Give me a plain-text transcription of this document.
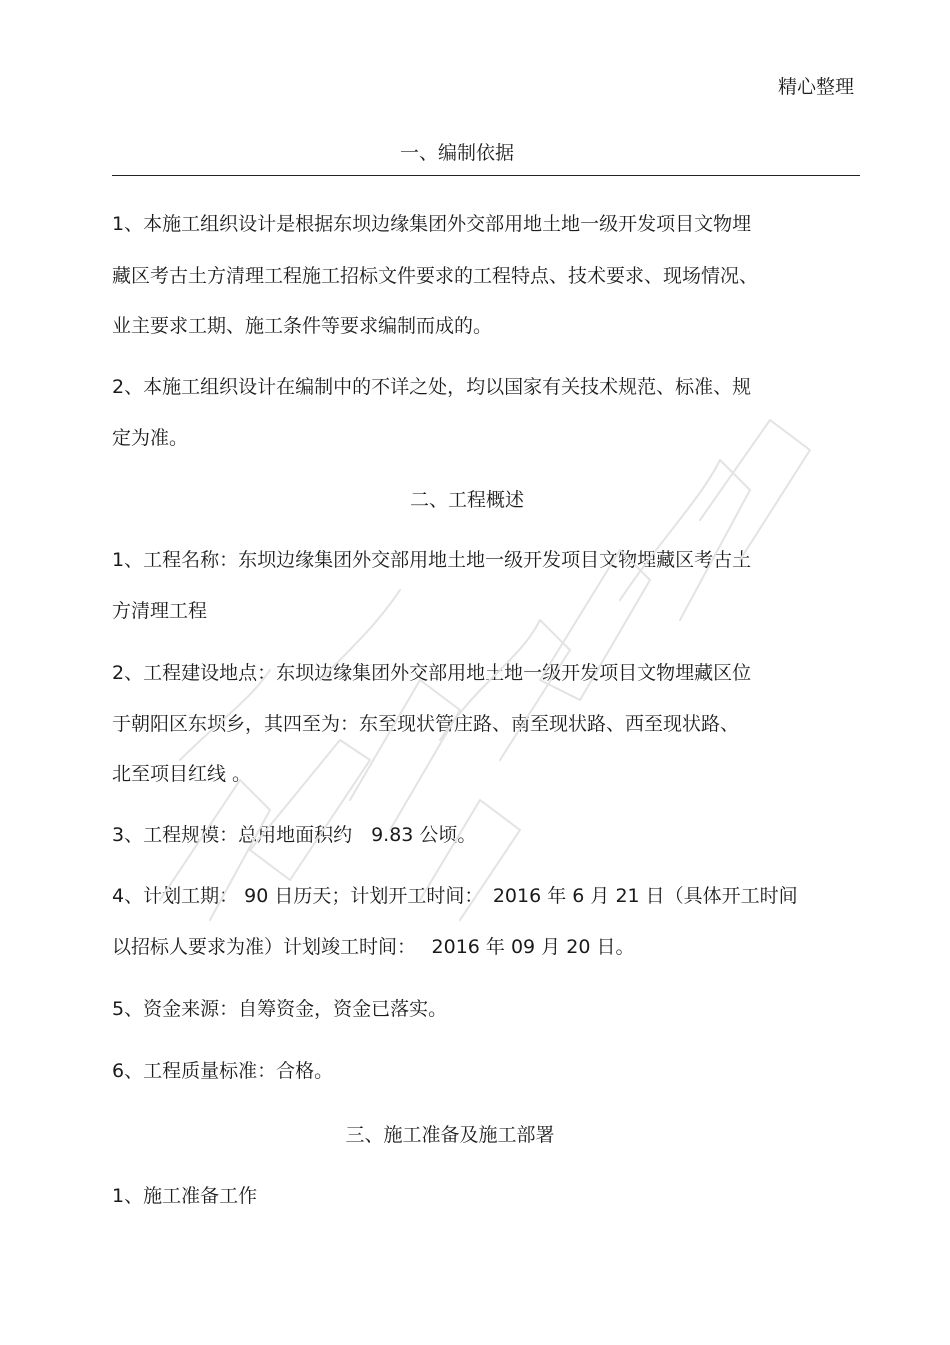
精心整理
一、编制依据
1、本施工组织设计是根据东坝边缘集团外交部用地土地一级开发项目文物埋
藏区考古土方清理工程施工招标文件要求的工程特点、技术要求、现场情况、
业主要求工期、施工条件等要求编制而成的。
2、本施工组织设计在编制中的不详之处，均以国家有关技术规范、标准、规
定为准。
二、工程概述
1、工程名称：东坝边缘集团外交部用地土地一级开发项目文物埋藏区考古土
方清理工程
2、工程建设地点：东坝边缘集团外交部用地土地一级开发项目文物埋藏区位
于朝阳区东坝乡，其四至为：东至现状管庄路、南至现状路、西至现状路、
北至项目红线 。
3、工程规模：总用地面积约　9.83 公顷。
4、计划工期： 90 日历天；计划开工时间：　2016 年 6 月 21 日（具体开工时间
以招标人要求为准）计划竣工时间：　 2016 年 09 月 20 日。
5、资金来源：自筹资金，资金已落实。
6、工程质量标准：合格。
三、施工准备及施工部署
1、施工准备工作
